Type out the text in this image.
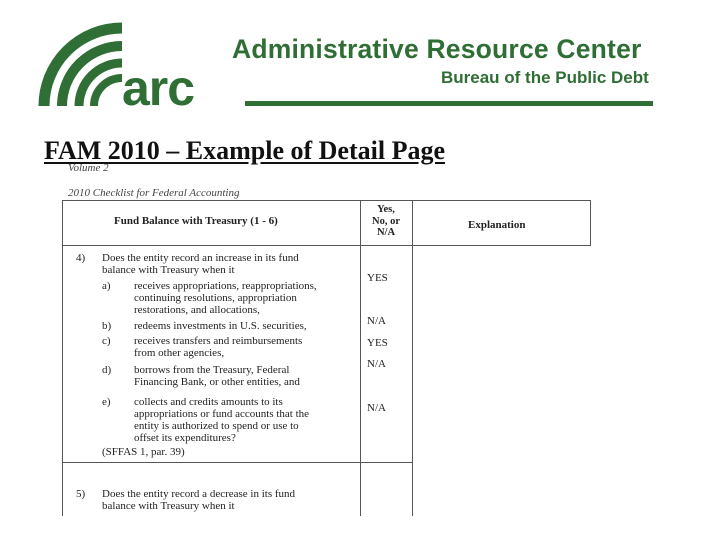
arc
Administrative Resource Center
Bureau of the Public Debt
FAM 2010 – Example of Detail Page
Volume 2
2010 Checklist for Federal Accounting
Fund Balance with Treasury (1 - 6)
Yes,
No, or
N/A
Explanation
4) Does the entity record an increase in its fund
balance with Treasury when it
a) receives appropriations, reappropriations,
continuing resolutions, appropriation
restorations, and allocations,
YES
b) redeems investments in U.S. securities,	N/A
c) receives transfers and reimbursements
from other agencies,
YES
d) borrows from the Treasury, Federal
Financing Bank, or other entities, and
N/A
e) collects and credits amounts to its
appropriations or fund accounts that the
entity is authorized to spend or use to
offset its expenditures?
N/A
(SFFAS 1, par. 39)
5) Does the entity record a decrease in its fund
balance with Treasury when it
